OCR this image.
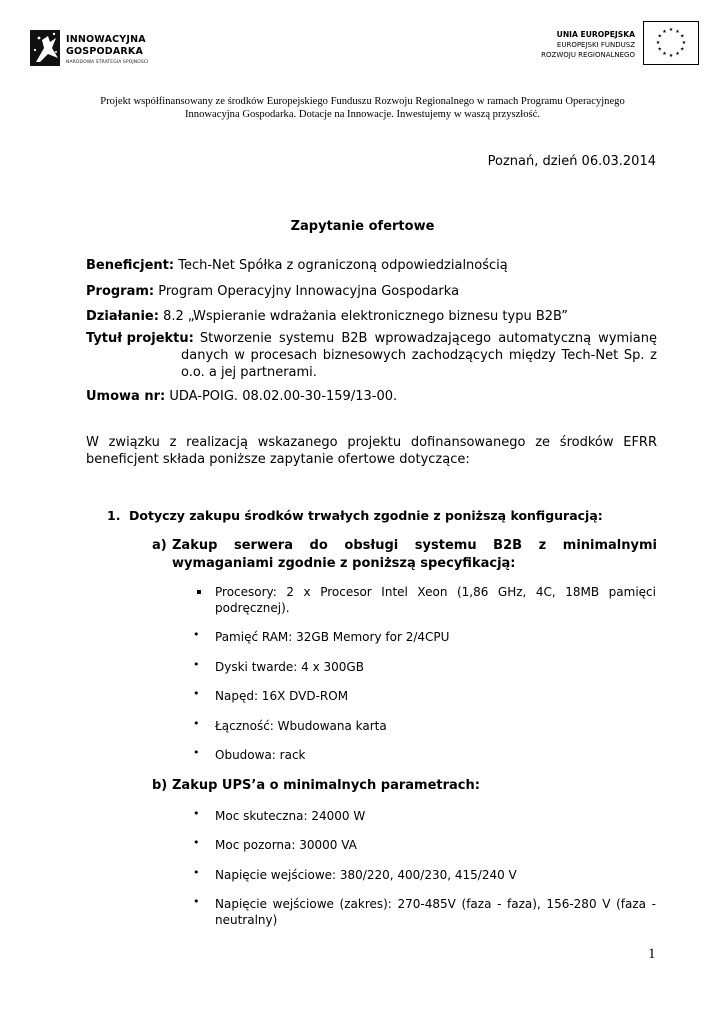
INNOWACYJNA
GOSPODARKA
NARODOWA STRATEGIA SPÓJNOŚCI
UNIA EUROPEJSKA
EUROPEJSKI FUNDUSZ
ROZWOJU REGIONALNEGO
★ ★
★
★
★
★
★
★
★
★
★
★
Projekt współfinansowany ze środków Europejskiego Funduszu Rozwoju Regionalnego w ramach Programu Operacyjnego Innowacyjna Gospodarka. Dotacje na Innowacje. Inwestujemy w waszą przyszłość.
Poznań, dzień 06.03.2014
Zapytanie ofertowe
Beneficjent: Tech-Net Spółka z ograniczoną odpowiedzialnością
Program: Program Operacyjny Innowacyjna Gospodarka
Działanie: 8.2 „Wspieranie wdrażania elektronicznego biznesu typu B2B”
Tytuł projektu: Stworzenie systemu B2B wprowadzającego automatyczną wymianę danych w procesach biznesowych zachodzących między Tech-Net Sp. z o.o. a jej partnerami.
Umowa nr: UDA-POIG. 08.02.00-30-159/13-00.
W związku z realizacją wskazanego projektu dofinansowanego ze środków EFRR beneficjent składa poniższe zapytanie ofertowe dotyczące:
1. Dotyczy zakupu środków trwałych zgodnie z poniższą konfiguracją:
a) Zakup serwera do obsługi systemu B2B z minimalnymi wymaganiami zgodnie z poniższą specyfikacją:
Procesory: 2 x Procesor Intel Xeon (1,86 GHz, 4C, 18MB pamięci podręcznej).
• Pamięć RAM: 32GB Memory for 2/4CPU
• Dyski twarde: 4 x 300GB
• Napęd: 16X DVD-ROM
• Łączność: Wbudowana karta
• Obudowa: rack
b) Zakup UPS’a o minimalnych parametrach:
• Moc skuteczna: 24000 W
• Moc pozorna: 30000 VA
• Napięcie wejściowe: 380/220, 400/230, 415/240 V
• Napięcie wejściowe (zakres): 270-485V (faza - faza), 156-280 V (faza - neutralny)
1
